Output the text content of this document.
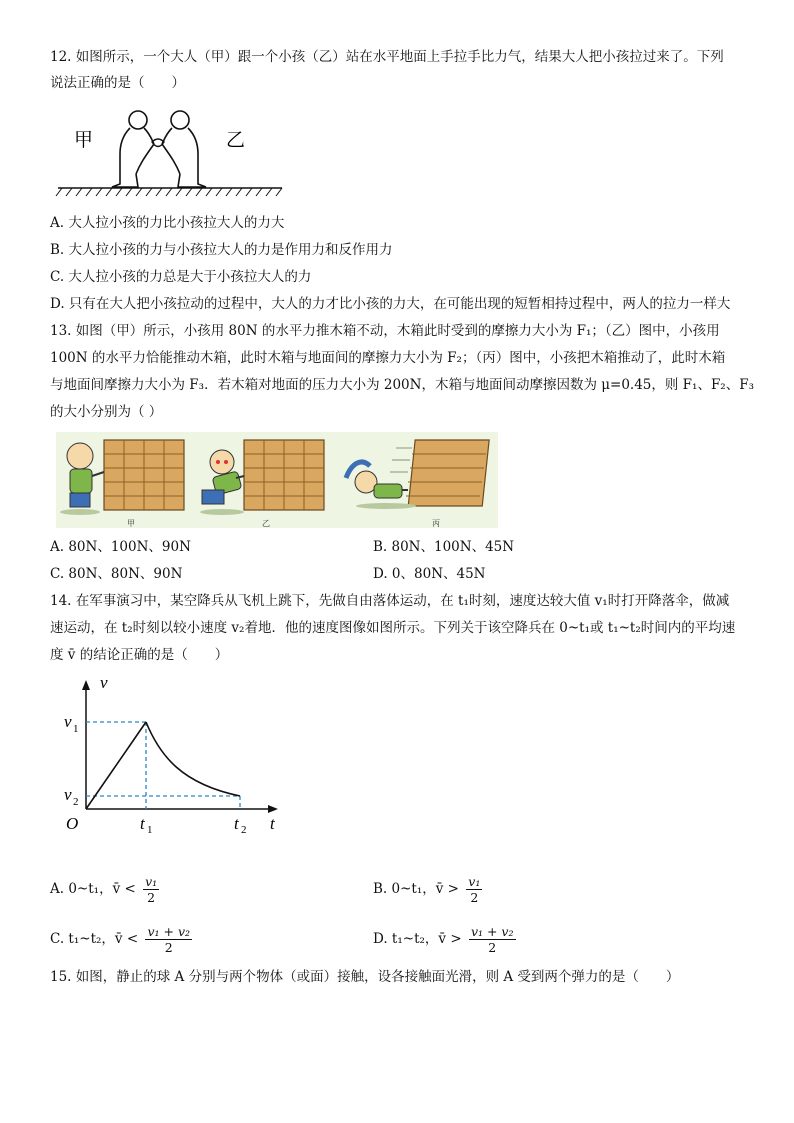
12. 如图所示，一个大人（甲）跟一个小孩（乙）站在水平地面上手拉手比力气，结果大人把小孩拉过来了。下列
说法正确的是（　　）
甲	乙
A. 大人拉小孩的力比小孩拉大人的力大
B. 大人拉小孩的力与小孩拉大人的力是作用力和反作用力
C. 大人拉小孩的力总是大于小孩拉大人的力
D. 只有在大人把小孩拉动的过程中，大人的力才比小孩的力大，在可能出现的短暂相持过程中，两人的拉力一样大
13. 如图（甲）所示，小孩用 80N 的水平力推木箱不动，木箱此时受到的摩擦力大小为 F₁；（乙）图中，小孩用
100N 的水平力恰能推动木箱，此时木箱与地面间的摩擦力大小为 F₂；（丙）图中，小孩把木箱推动了，此时木箱
与地面间摩擦力大小为 F₃．若木箱对地面的压力大小为 200N，木箱与地面间动摩擦因数为 μ=0.45，则 F₁、F₂、F₃
的大小分别为（ ）
甲	乙	丙
A. 80N、100N、90N	B. 80N、100N、45N
C. 80N、80N、90N	D. 0、80N、45N
14. 在军事演习中，某空降兵从飞机上跳下，先做自由落体运动，在 t₁时刻，速度达较大值 v₁时打开降落伞，做减
速运动，在 t₂时刻以较小速度 v₂着地．他的速度图像如图所示。下列关于该空降兵在 0~t₁或 t₁~t₂时间内的平均速
度 v̄ 的结论正确的是（　　）
v
t
O
v 1
v 2
t 1	t 2
A. 0~t₁，v̄ < $\frac{\text{v₁}}{2}$	B. 0~t₁，v̄ > $\frac{\text{v₁}}{2}$
C. t₁~t₂，v̄ < $\frac{\text{v₁ + v₂}}{2}$	D. t₁~t₂，v̄ > $\frac{\text{v₁ + v₂}}{2}$
15. 如图，静止的球 A 分别与两个物体（或面）接触，设各接触面光滑，则 A 受到两个弹力的是（　　）
